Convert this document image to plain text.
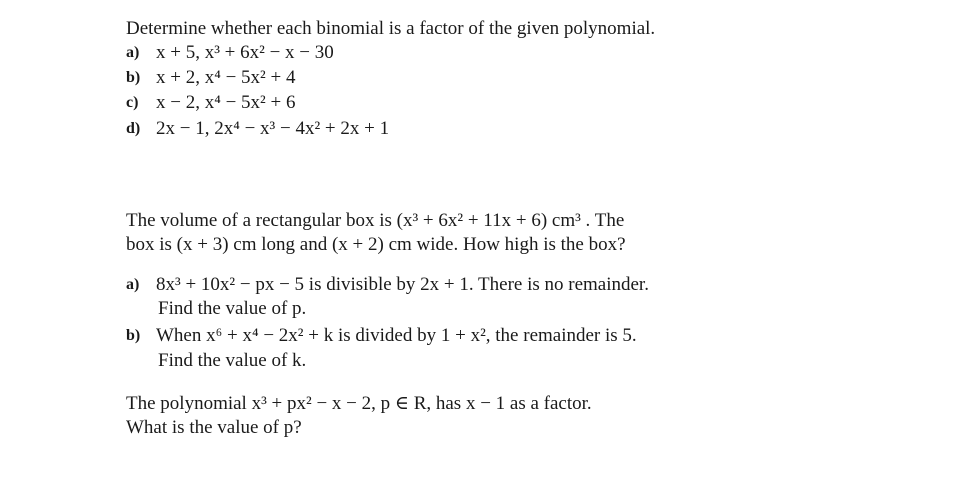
Determine whether each binomial is a factor of the given polynomial.
a) x + 5, x³ + 6x² − x − 30
b) x + 2, x⁴ − 5x² + 4
c) x − 2, x⁴ − 5x² + 6
d) 2x − 1, 2x⁴ − x³ − 4x² + 2x + 1
The volume of a rectangular box is (x³ + 6x² + 11x + 6) cm³ . The
box is (x + 3) cm long and (x + 2) cm wide. How high is the box?
a) 8x³ + 10x² − px − 5 is divisible by 2x + 1. There is no remainder.
Find the value of p.
b) When x⁶ + x⁴ − 2x² + k is divided by 1 + x², the remainder is 5.
Find the value of k.
The polynomial x³ + px² − x − 2, p ∈ R, has x − 1 as a factor.
What is the value of p?
